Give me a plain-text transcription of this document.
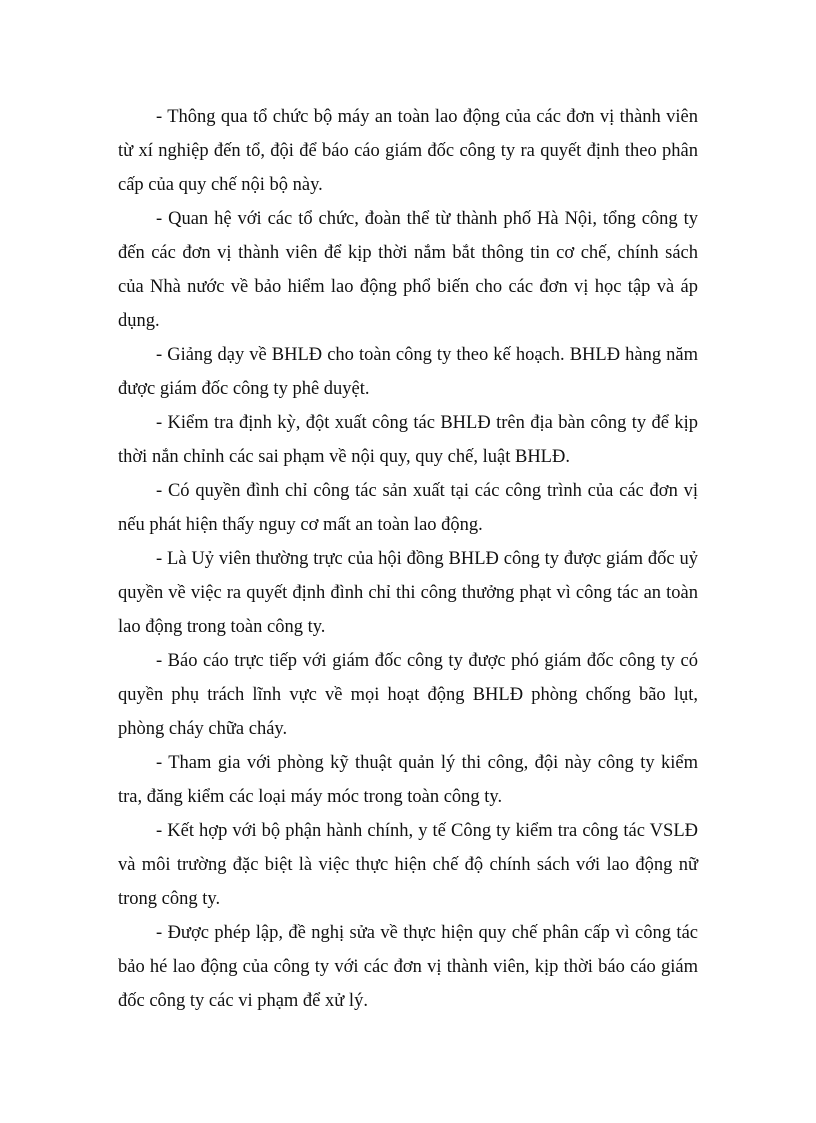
- Thông qua tổ chức bộ máy an toàn lao động của các đơn vị thành viên từ xí nghiệp đến tổ, đội để báo cáo giám đốc công ty ra quyết định theo phân cấp của quy chế nội bộ này.

- Quan hệ với các tổ chức, đoàn thể từ thành phố Hà Nội, tổng công ty đến các đơn vị thành viên để kịp thời nắm bắt thông tin cơ chế, chính sách của Nhà nước về bảo hiểm lao động phổ biến cho các đơn vị học tập và áp dụng.

- Giảng dạy về BHLĐ cho toàn công ty theo kế hoạch. BHLĐ hàng năm được giám đốc công ty phê duyệt.

- Kiểm tra định kỳ, đột xuất công tác BHLĐ trên địa bàn công ty để kịp thời nắn chỉnh các sai phạm về nội quy, quy chế, luật BHLĐ.

- Có quyền đình chỉ công tác sản xuất tại các công trình của các đơn vị nếu phát hiện thấy nguy cơ mất an toàn lao động.

- Là Uỷ viên thường trực của hội đồng BHLĐ công ty được giám đốc uỷ quyền về việc ra quyết định đình chỉ thi công thưởng phạt vì công tác an toàn lao động trong toàn công ty.

- Báo cáo trực tiếp với giám đốc công ty được phó giám đốc công ty có quyền phụ trách lĩnh vực về mọi hoạt động BHLĐ phòng chống bão lụt, phòng cháy chữa cháy.

- Tham gia với phòng kỹ thuật quản lý thi công, đội này công ty kiểm tra, đăng kiểm các loại máy móc trong toàn công ty.

- Kết hợp với bộ phận hành chính, y tế Công ty kiểm tra công tác VSLĐ và môi trường đặc biệt là việc thực hiện chế độ chính sách với lao động nữ trong công ty.

- Được phép lập, đề nghị sửa về thực hiện quy chế phân cấp vì công tác bảo hé lao động của công ty với các đơn vị thành viên, kịp thời báo cáo giám đốc công ty các vi phạm để xử lý.
